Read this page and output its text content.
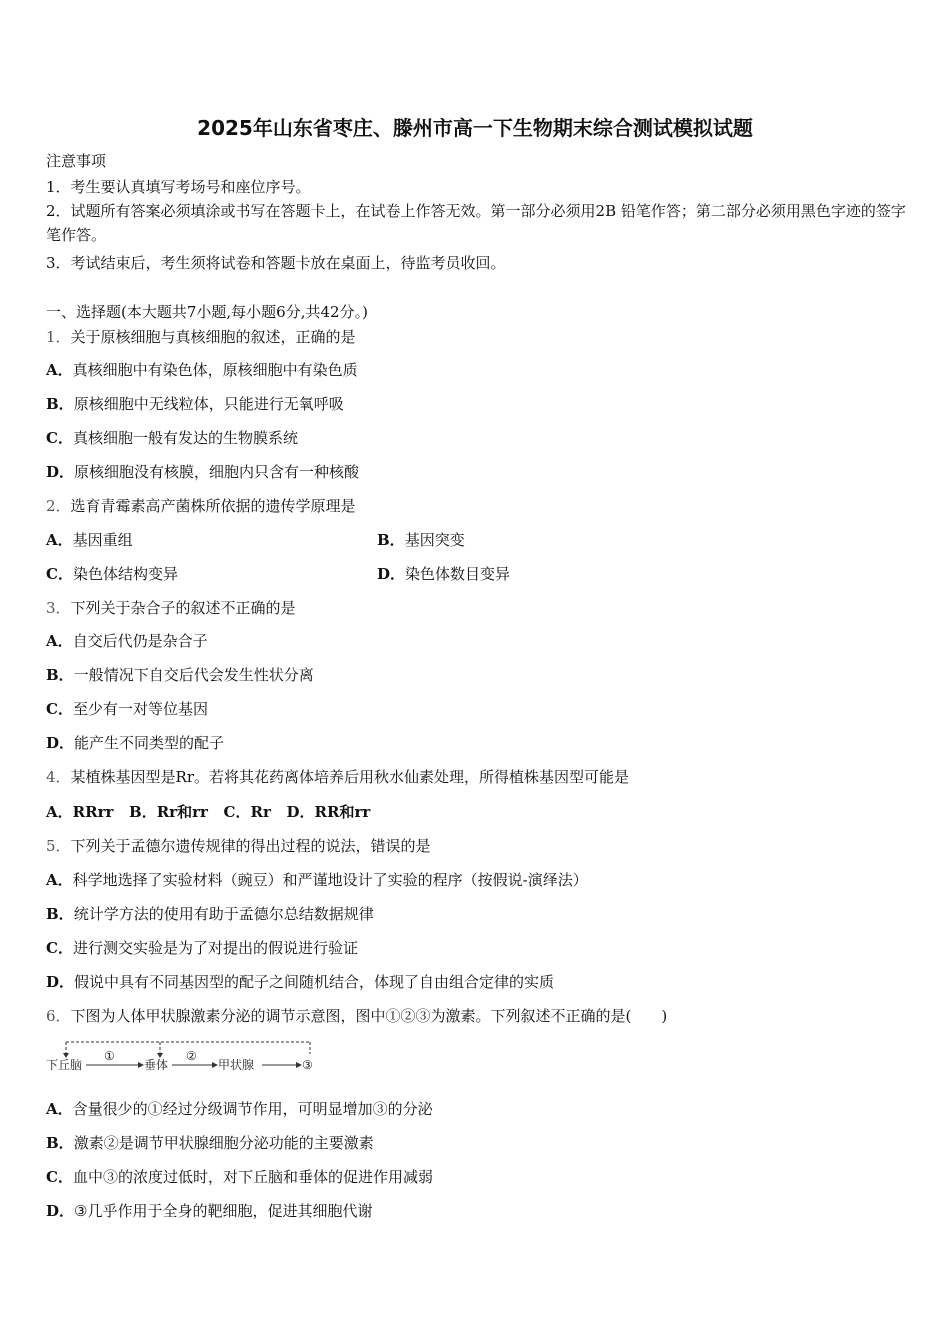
2025年山东省枣庄、滕州市高一下生物期末综合测试模拟试题
注意事项
1．考生要认真填写考场号和座位序号。
2．试题所有答案必须填涂或书写在答题卡上，在试卷上作答无效。第一部分必须用2B 铅笔作答；第二部分必须用黑色字迹的签字笔作答。
3．考试结束后，考生须将试卷和答题卡放在桌面上，待监考员收回。
一、选择题(本大题共7小题,每小题6分,共42分。)
1．关于原核细胞与真核细胞的叙述，正确的是
A．真核细胞中有染色体，原核细胞中有染色质
B．原核细胞中无线粒体，只能进行无氧呼吸
C．真核细胞一般有发达的生物膜系统
D．原核细胞没有核膜，细胞内只含有一种核酸
2．选育青霉素高产菌株所依据的遗传学原理是
A．基因重组	B．基因突变
C．染色体结构变异	D．染色体数目变异
3．下列关于杂合子的叙述不正确的是
A．自交后代仍是杂合子
B．一般情况下自交后代会发生性状分离
C．至少有一对等位基因
D．能产生不同类型的配子
4．某植株基因型是Rr。若将其花药离体培养后用秋水仙素处理，所得植株基因型可能是
A．RRrr   B．Rr和rr   C．Rr   D．RR和rr
5．下列关于孟德尔遗传规律的得出过程的说法，错误的是
A．科学地选择了实验材料（豌豆）和严谨地设计了实验的程序（按假说-演绎法）
B．统计学方法的使用有助于孟德尔总结数据规律
C．进行测交实验是为了对提出的假说进行验证
D．假说中具有不同基因型的配子之间随机结合，体现了自由组合定律的实质
6．下图为人体甲状腺激素分泌的调节示意图，图中①②③为激素。下列叙述不正确的是(　　)
下丘脑	垂体	甲状腺	③
①	②
A．含量很少的①经过分级调节作用，可明显增加③的分泌
B．激素②是调节甲状腺细胞分泌功能的主要激素
C．血中③的浓度过低时，对下丘脑和垂体的促进作用减弱
D．③几乎作用于全身的靶细胞，促进其细胞代谢
